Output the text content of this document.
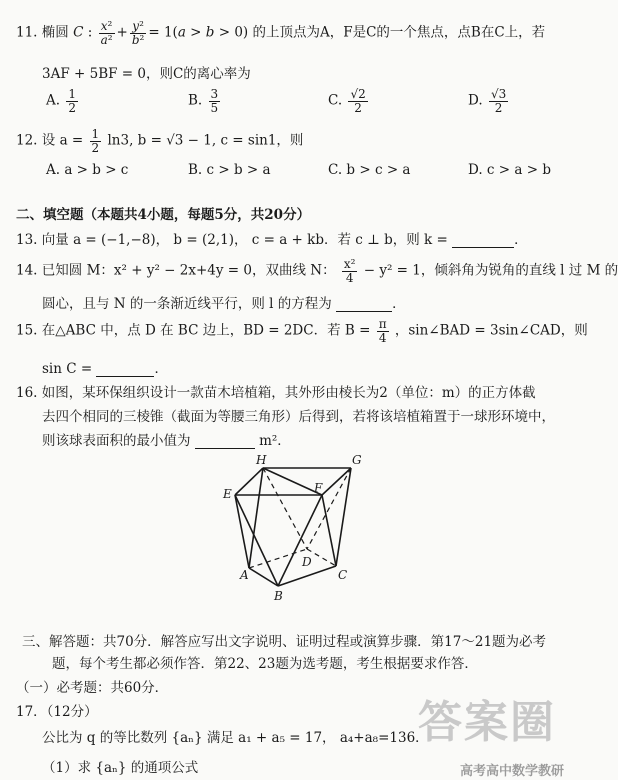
11. 椭圆 C : $\frac{\text{x²}}{\text{a²}} + \frac{\text{y²}}{\text{b²}} = 1(a > b > 0)$ 的上顶点为A，F是C的一个焦点，点B在C上，若
3AF + 5BF = 0，则C的离心率为
A. $\frac{1}{2}$	B. $\frac{3}{5}$	C. $\frac{√2}{2}$	D. $\frac{√3}{2}$
12. 设 $a = \frac{1}{2} \ln 3$, b = √3 − 1, c = sin1，则
A. a > b > c	B. c > b > a	C. b > c > a	D. c > a > b
二、填空题（本题共4小题，每题5分，共20分）
13. 向量 a = (−1,−8)， b = (2,1)， c = a + kb．若 c ⊥ b，则 k =	．
14. 已知圆 M：x² + y² − 2x+4y = 0，双曲线 N： $\frac{\text{x²}}{4} - y^2 = 1$，倾斜角为锐角的直线 l 过 M 的
圆心，且与 N 的一条渐近线平行，则 l 的方程为	．
15. 在△ABC 中，点 D 在 BC 边上，BD = 2DC．若 $B = \frac{\pi}{4}$ ，sin∠BAD = 3sin∠CAD，则
sin C =	．
16. 如图，某环保组织设计一款苗木培植箱，其外形由棱长为2（单位：m）的正方体截
去四个相同的三棱锥（截面为等腰三角形）后得到，若将该培植箱置于一球形环境中，
则该球表面积的最小值为	m²．
H	G
E	F
D
A	C
B
三、解答题：共70分．解答应写出文字说明、证明过程或演算步骤．第17～21题为必考
题，每个考生都必须作答．第22、23题为选考题，考生根据要求作答．
（一）必考题：共60分．
17．（12分）
公比为 q 的等比数列 {aₙ} 满足 a₁ + a₅ = 17， a₄+a₈=136．
（1）求 {aₙ} 的通项公式
答案圈
高考高中数学教研
